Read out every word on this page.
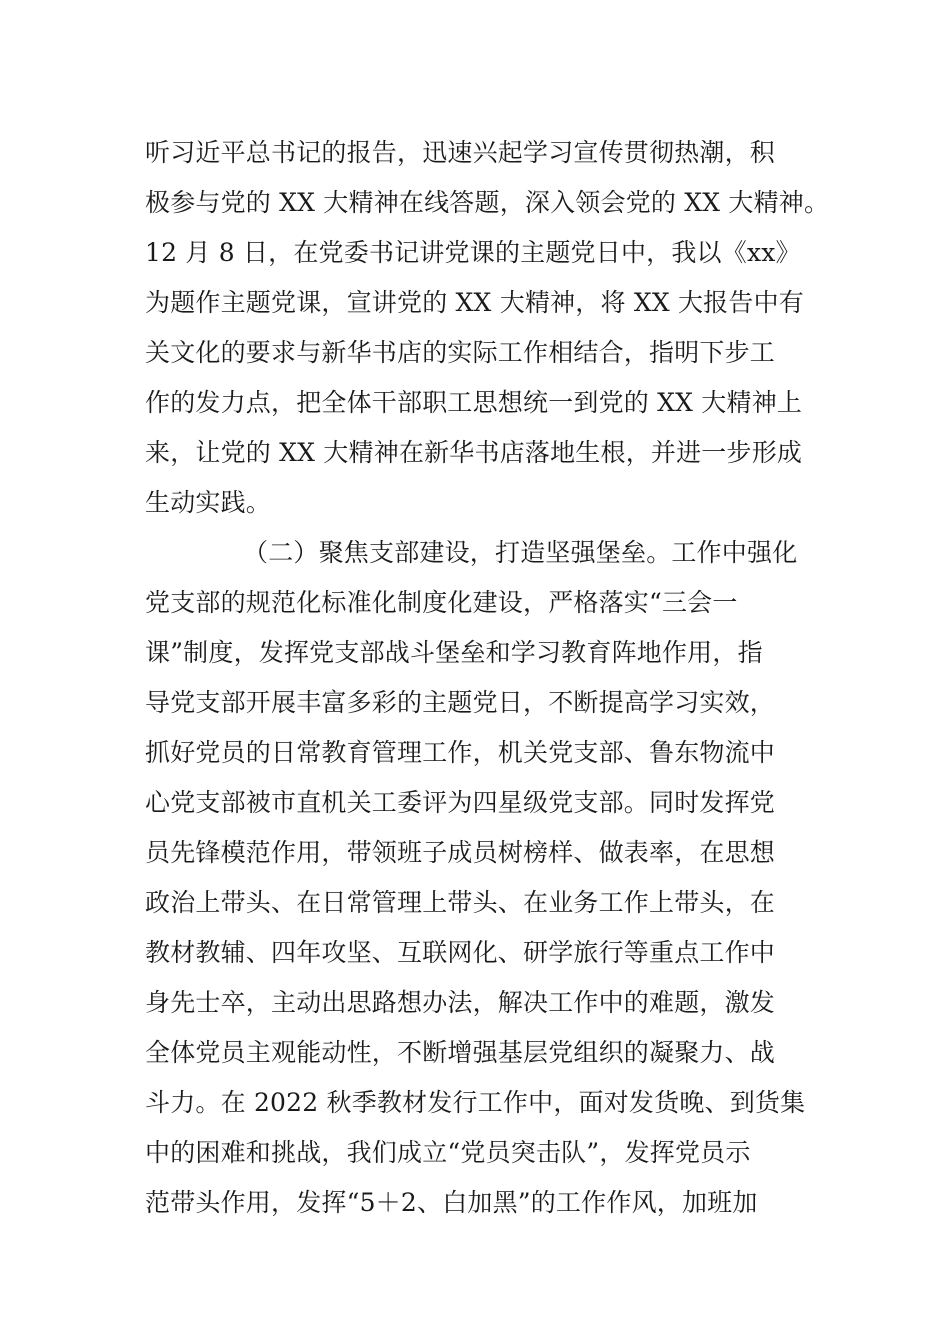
听习近平总书记的报告，迅速兴起学习宣传贯彻热潮，积
极参与党的 XX 大精神在线答题，深入领会党的 XX 大精神。
12 月 8 日，在党委书记讲党课的主题党日中，我以《xx》
为题作主题党课，宣讲党的 XX 大精神，将 XX 大报告中有
关文化的要求与新华书店的实际工作相结合，指明下步工
作的发力点，把全体干部职工思想统一到党的 XX 大精神上
来，让党的 XX 大精神在新华书店落地生根，并进一步形成
生动实践。
（二）聚焦支部建设，打造坚强堡垒。工作中强化
党支部的规范化标准化制度化建设，严格落实“三会一
课”制度，发挥党支部战斗堡垒和学习教育阵地作用，指
导党支部开展丰富多彩的主题党日，不断提高学习实效，
抓好党员的日常教育管理工作，机关党支部、鲁东物流中
心党支部被市直机关工委评为四星级党支部。同时发挥党
员先锋模范作用，带领班子成员树榜样、做表率，在思想
政治上带头、在日常管理上带头、在业务工作上带头，在
教材教辅、四年攻坚、互联网化、研学旅行等重点工作中
身先士卒，主动出思路想办法，解决工作中的难题，激发
全体党员主观能动性，不断增强基层党组织的凝聚力、战
斗力。在 2022 秋季教材发行工作中，面对发货晚、到货集
中的困难和挑战，我们成立“党员突击队”，发挥党员示
范带头作用，发挥“5＋2、白加黑”的工作作风，加班加
